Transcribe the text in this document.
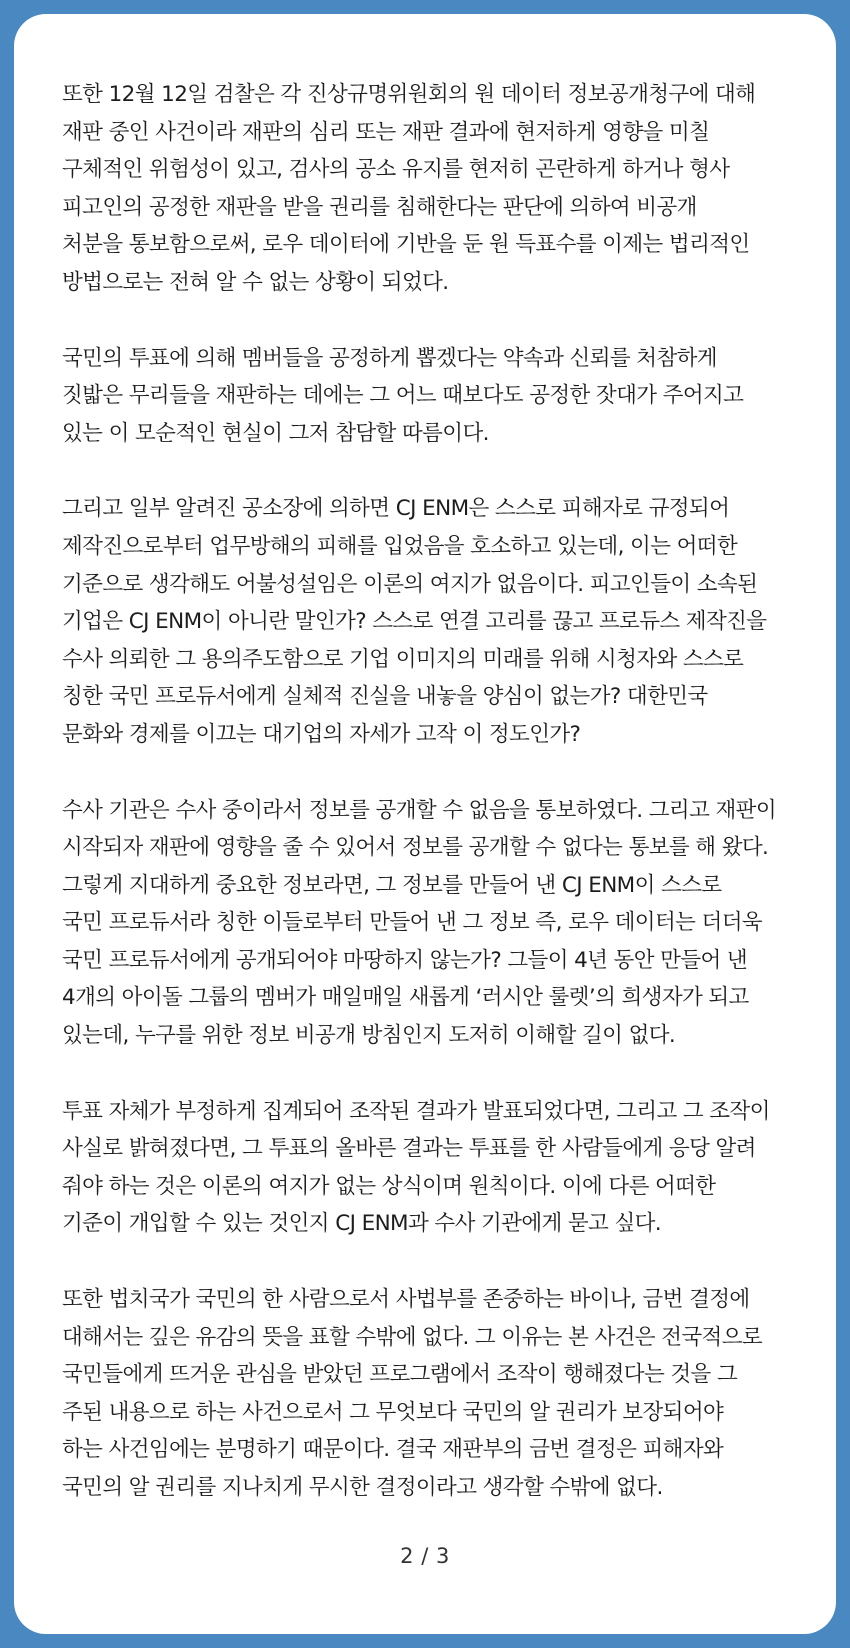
또한 12월 12일 검찰은 각 진상규명위원회의 원 데이터 정보공개청구에 대해
재판 중인 사건이라 재판의 심리 또는 재판 결과에 현저하게 영향을 미칠
구체적인 위험성이 있고, 검사의 공소 유지를 현저히 곤란하게 하거나 형사
피고인의 공정한 재판을 받을 권리를 침해한다는 판단에 의하여 비공개
처분을 통보함으로써, 로우 데이터에 기반을 둔 원 득표수를 이제는 법리적인
방법으로는 전혀 알 수 없는 상황이 되었다.

국민의 투표에 의해 멤버들을 공정하게 뽑겠다는 약속과 신뢰를 처참하게
짓밟은 무리들을 재판하는 데에는 그 어느 때보다도 공정한 잣대가 주어지고
있는 이 모순적인 현실이 그저 참담할 따름이다.

그리고 일부 알려진 공소장에 의하면 CJ ENM은 스스로 피해자로 규정되어
제작진으로부터 업무방해의 피해를 입었음을 호소하고 있는데, 이는 어떠한
기준으로 생각해도 어불성설임은 이론의 여지가 없음이다. 피고인들이 소속된
기업은 CJ ENM이 아니란 말인가? 스스로 연결 고리를 끊고 프로듀스 제작진을
수사 의뢰한 그 용의주도함으로 기업 이미지의 미래를 위해 시청자와 스스로
칭한 국민 프로듀서에게 실체적 진실을 내놓을 양심이 없는가? 대한민국
문화와 경제를 이끄는 대기업의 자세가 고작 이 정도인가?

수사 기관은 수사 중이라서 정보를 공개할 수 없음을 통보하였다. 그리고 재판이
시작되자 재판에 영향을 줄 수 있어서 정보를 공개할 수 없다는 통보를 해 왔다.
그렇게 지대하게 중요한 정보라면, 그 정보를 만들어 낸 CJ ENM이 스스로
국민 프로듀서라 칭한 이들로부터 만들어 낸 그 정보 즉, 로우 데이터는 더더욱
국민 프로듀서에게 공개되어야 마땅하지 않는가? 그들이 4년 동안 만들어 낸
4개의 아이돌 그룹의 멤버가 매일매일 새롭게 ‘러시안 룰렛’의 희생자가 되고
있는데, 누구를 위한 정보 비공개 방침인지 도저히 이해할 길이 없다.

투표 자체가 부정하게 집계되어 조작된 결과가 발표되었다면, 그리고 그 조작이
사실로 밝혀졌다면, 그 투표의 올바른 결과는 투표를 한 사람들에게 응당 알려
줘야 하는 것은 이론의 여지가 없는 상식이며 원칙이다. 이에 다른 어떠한
기준이 개입할 수 있는 것인지 CJ ENM과 수사 기관에게 묻고 싶다.

또한 법치국가 국민의 한 사람으로서 사법부를 존중하는 바이나, 금번 결정에
대해서는 깊은 유감의 뜻을 표할 수밖에 없다. 그 이유는 본 사건은 전국적으로
국민들에게 뜨거운 관심을 받았던 프로그램에서 조작이 행해졌다는 것을 그
주된 내용으로 하는 사건으로서 그 무엇보다 국민의 알 권리가 보장되어야
하는 사건임에는 분명하기 때문이다. 결국 재판부의 금번 결정은 피해자와
국민의 알 권리를 지나치게 무시한 결정이라고 생각할 수밖에 없다.

2 / 3
